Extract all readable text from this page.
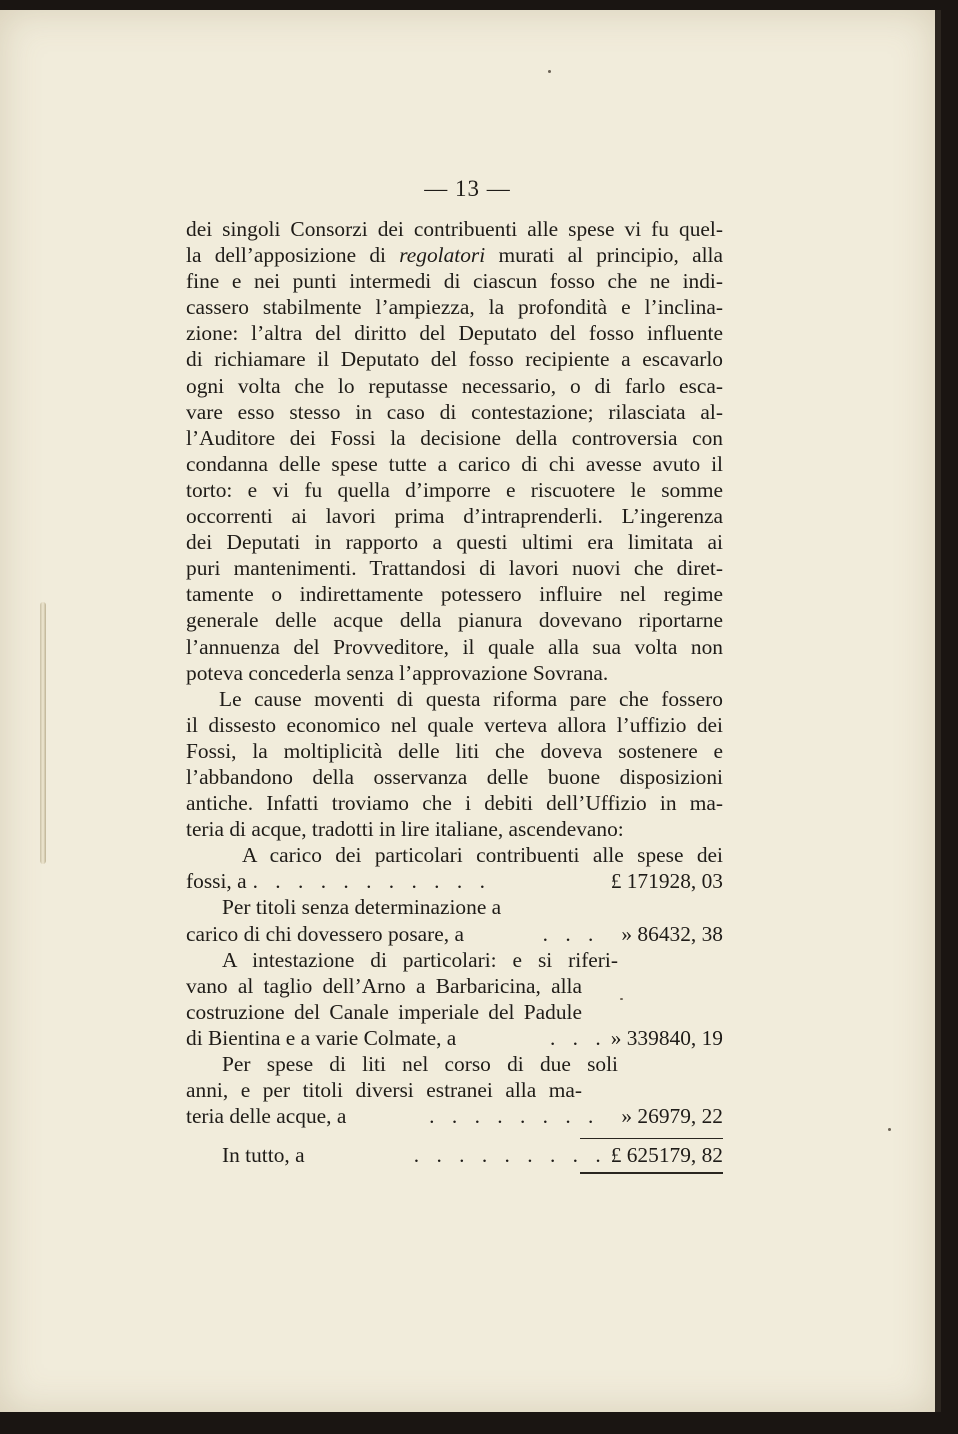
— 13 —
dei singoli Consorzi dei contribuenti alle spese vi fu quel-
la dell’apposizione di regolatori murati al principio, alla
fine e nei punti intermedi di ciascun fosso che ne indi-
cassero stabilmente l’ampiezza, la profondità e l’inclina-
zione: l’altra del diritto del Deputato del fosso influente
di richiamare il Deputato del fosso recipiente a escavarlo
ogni volta che lo reputasse necessario, o di farlo esca-
vare esso stesso in caso di contestazione; rilasciata al-
l’Auditore dei Fossi la decisione della controversia con
condanna delle spese tutte a carico di chi avesse avuto il
torto: e vi fu quella d’imporre e riscuotere le somme
occorrenti ai lavori prima d’intraprenderli. L’ingerenza
dei Deputati in rapporto a questi ultimi era limitata ai
puri mantenimenti. Trattandosi di lavori nuovi che diret-
tamente o indirettamente potessero influire nel regime
generale delle acque della pianura dovevano riportarne
l’annuenza del Provveditore, il quale alla sua volta non
poteva concederla senza l’approvazione Sovrana.
Le cause moventi di questa riforma pare che fossero
il dissesto economico nel quale verteva allora l’uffizio dei
Fossi, la moltiplicità delle liti che doveva sostenere e
l’abbandono della osservanza delle buone disposizioni
antiche. Infatti troviamo che i debiti dell’Uffizio in ma-
teria di acque, tradotti in lire italiane, ascendevano:
A carico dei particolari contribuenti alle spese dei
fossi, a . . . . . . . . . . .	£ 171928, 03
Per titoli senza determinazione a
carico di chi dovessero posare, a	. . .	» 86432, 38
A intestazione di particolari: e si riferi-
vano al taglio dell’Arno a Barbaricina, alla
costruzione del Canale imperiale del Padule
di Bientina e a varie Colmate, a	. . . » 339840, 19
Per spese di liti nel corso di due soli
anni, e per titoli diversi estranei alla ma-
teria delle acque, a	. . . . . . . .	» 26979, 22
In tutto, a	. . . . . . . . . £ 625179, 82
